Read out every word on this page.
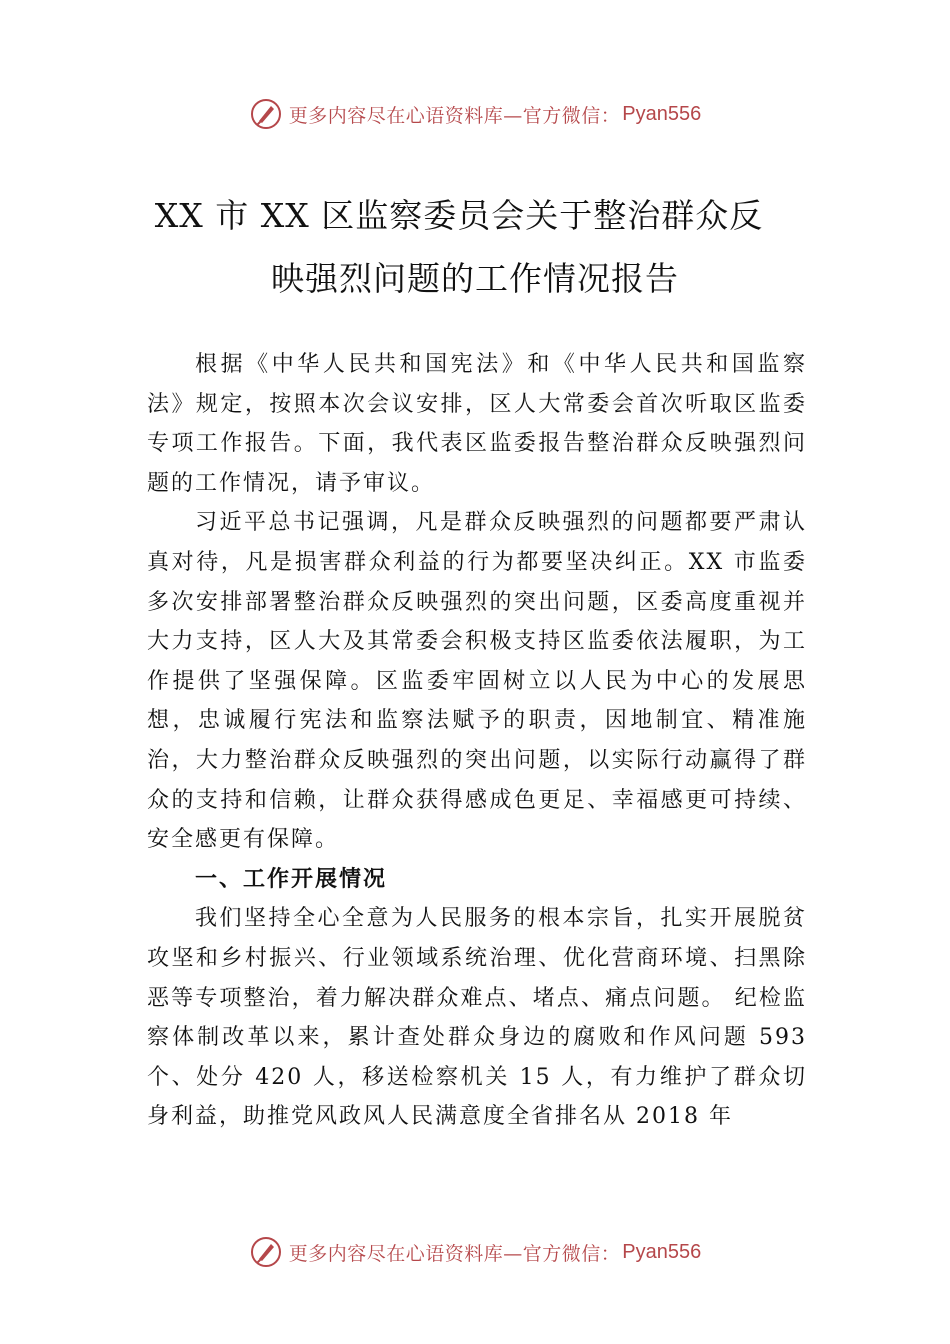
更多内容尽在心语资料库—官方微信： Pyan556
XX 市 XX 区监察委员会关于整治群众反
映强烈问题的工作情况报告

根据《中华人民共和国宪法》和《中华人民共和国监察法》规定，按照本次会议安排，区人大常委会首次听取区监委专项工作报告。下面，我代表区监委报告整治群众反映强烈问题的工作情况，请予审议。

习近平总书记强调，凡是群众反映强烈的问题都要严肃认真对待，凡是损害群众利益的行为都要坚决纠正。XX 市监委多次安排部署整治群众反映强烈的突出问题，区委高度重视并大力支持，区人大及其常委会积极支持区监委依法履职，为工作提供了坚强保障。区监委牢固树立以人民为中心的发展思想，忠诚履行宪法和监察法赋予的职责，因地制宜、精准施治，大力整治群众反映强烈的突出问题，以实际行动赢得了群众的支持和信赖，让群众获得感成色更足、幸福感更可持续、安全感更有保障。

一、工作开展情况

我们坚持全心全意为人民服务的根本宗旨，扎实开展脱贫攻坚和乡村振兴、行业领域系统治理、优化营商环境、扫黑除恶等专项整治，着力解决群众难点、堵点、痛点问题。 纪检监察体制改革以来，累计查处群众身边的腐败和作风问题 593 个、处分 420 人，移送检察机关 15 人，有力维护了群众切身利益，助推党风政风人民满意度全省排名从 2018 年

更多内容尽在心语资料库—官方微信： Pyan556
